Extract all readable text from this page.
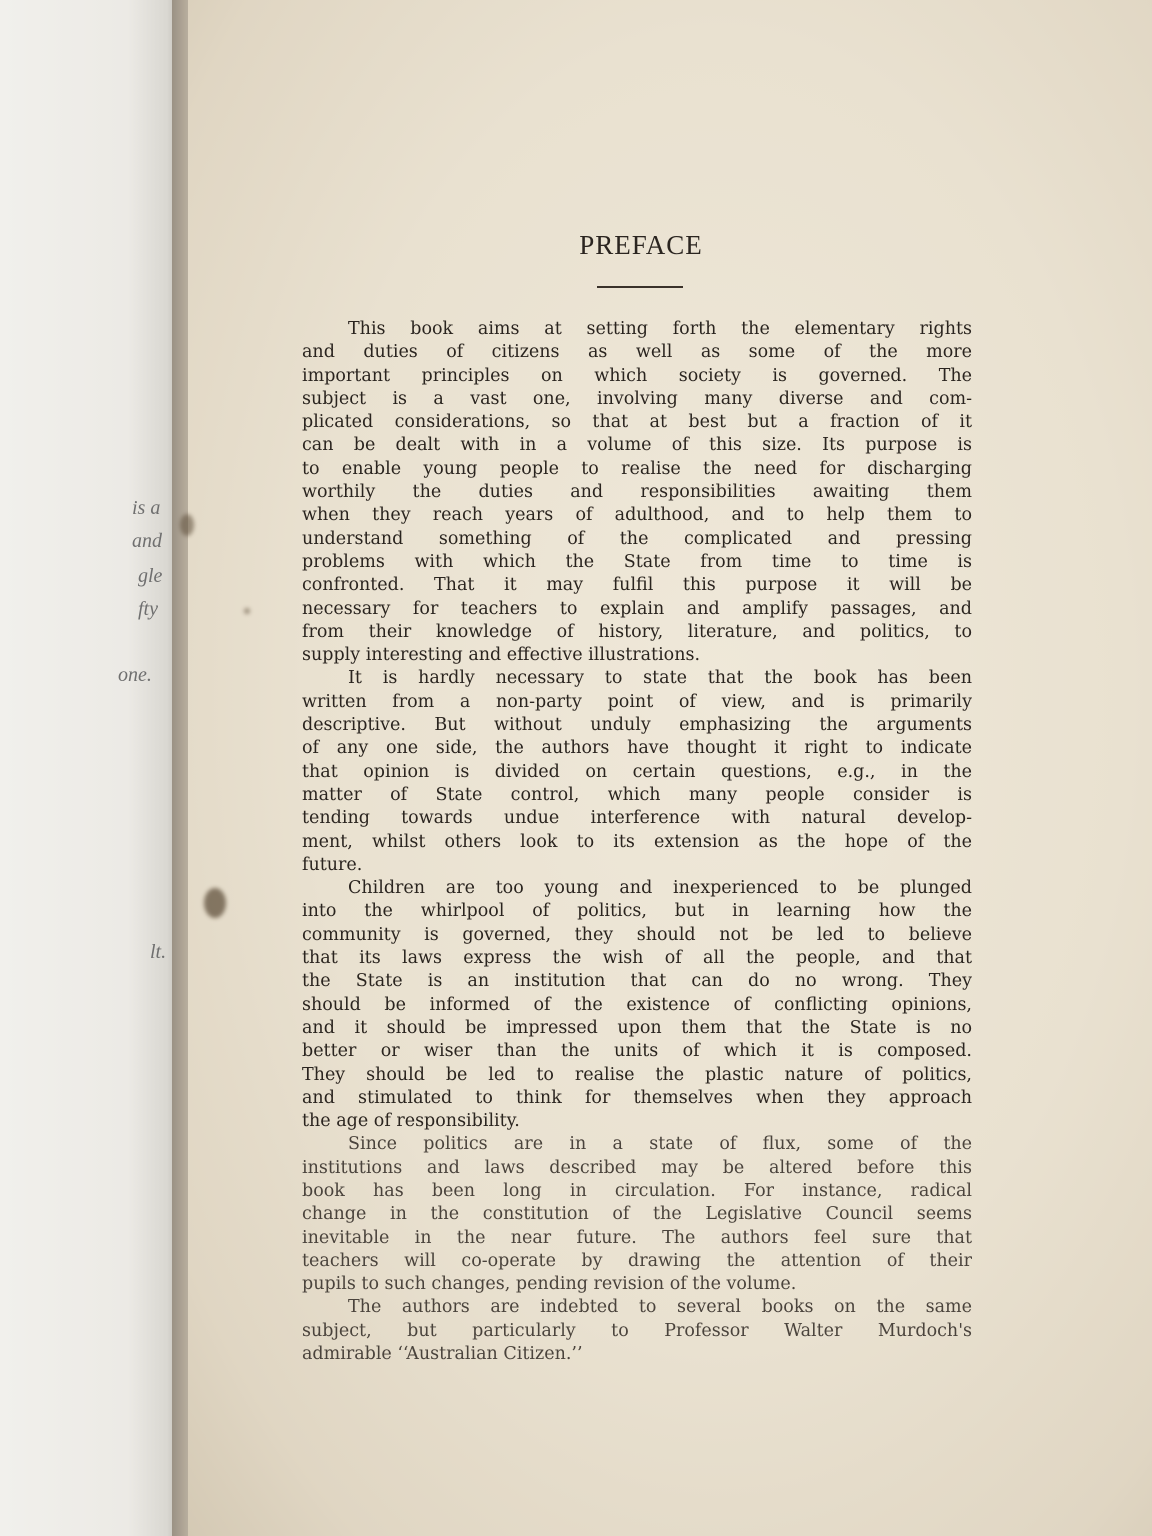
is a
and
gle
fty
one.
lt.
PREFACE
This book aims at setting forth the elementary rights
and duties of citizens as well as some of the more
important principles on which society is governed. The
subject is a vast one, involving many diverse and com-
plicated considerations, so that at best but a fraction of it
can be dealt with in a volume of this size. Its purpose is
to enable young people to realise the need for discharging
worthily the duties and responsibilities awaiting them
when they reach years of adulthood, and to help them to
understand something of the complicated and pressing
problems with which the State from time to time is
confronted. That it may fulfil this purpose it will be
necessary for teachers to explain and amplify passages, and
from their knowledge of history, literature, and politics, to
supply interesting and effective illustrations.
It is hardly necessary to state that the book has been
written from a non-party point of view, and is primarily
descriptive. But without unduly emphasizing the arguments
of any one side, the authors have thought it right to indicate
that opinion is divided on certain questions, e.g., in the
matter of State control, which many people consider is
tending towards undue interference with natural develop-
ment, whilst others look to its extension as the hope of the
future.
Children are too young and inexperienced to be plunged
into the whirlpool of politics, but in learning how the
community is governed, they should not be led to believe
that its laws express the wish of all the people, and that
the State is an institution that can do no wrong. They
should be informed of the existence of conflicting opinions,
and it should be impressed upon them that the State is no
better or wiser than the units of which it is composed.
They should be led to realise the plastic nature of politics,
and stimulated to think for themselves when they approach
the age of responsibility.
Since politics are in a state of flux, some of the
institutions and laws described may be altered before this
book has been long in circulation. For instance, radical
change in the constitution of the Legislative Council seems
inevitable in the near future. The authors feel sure that
teachers will co-operate by drawing the attention of their
pupils to such changes, pending revision of the volume.
The authors are indebted to several books on the same
subject, but particularly to Professor Walter Murdoch's
admirable ‘‘Australian Citizen.’’
